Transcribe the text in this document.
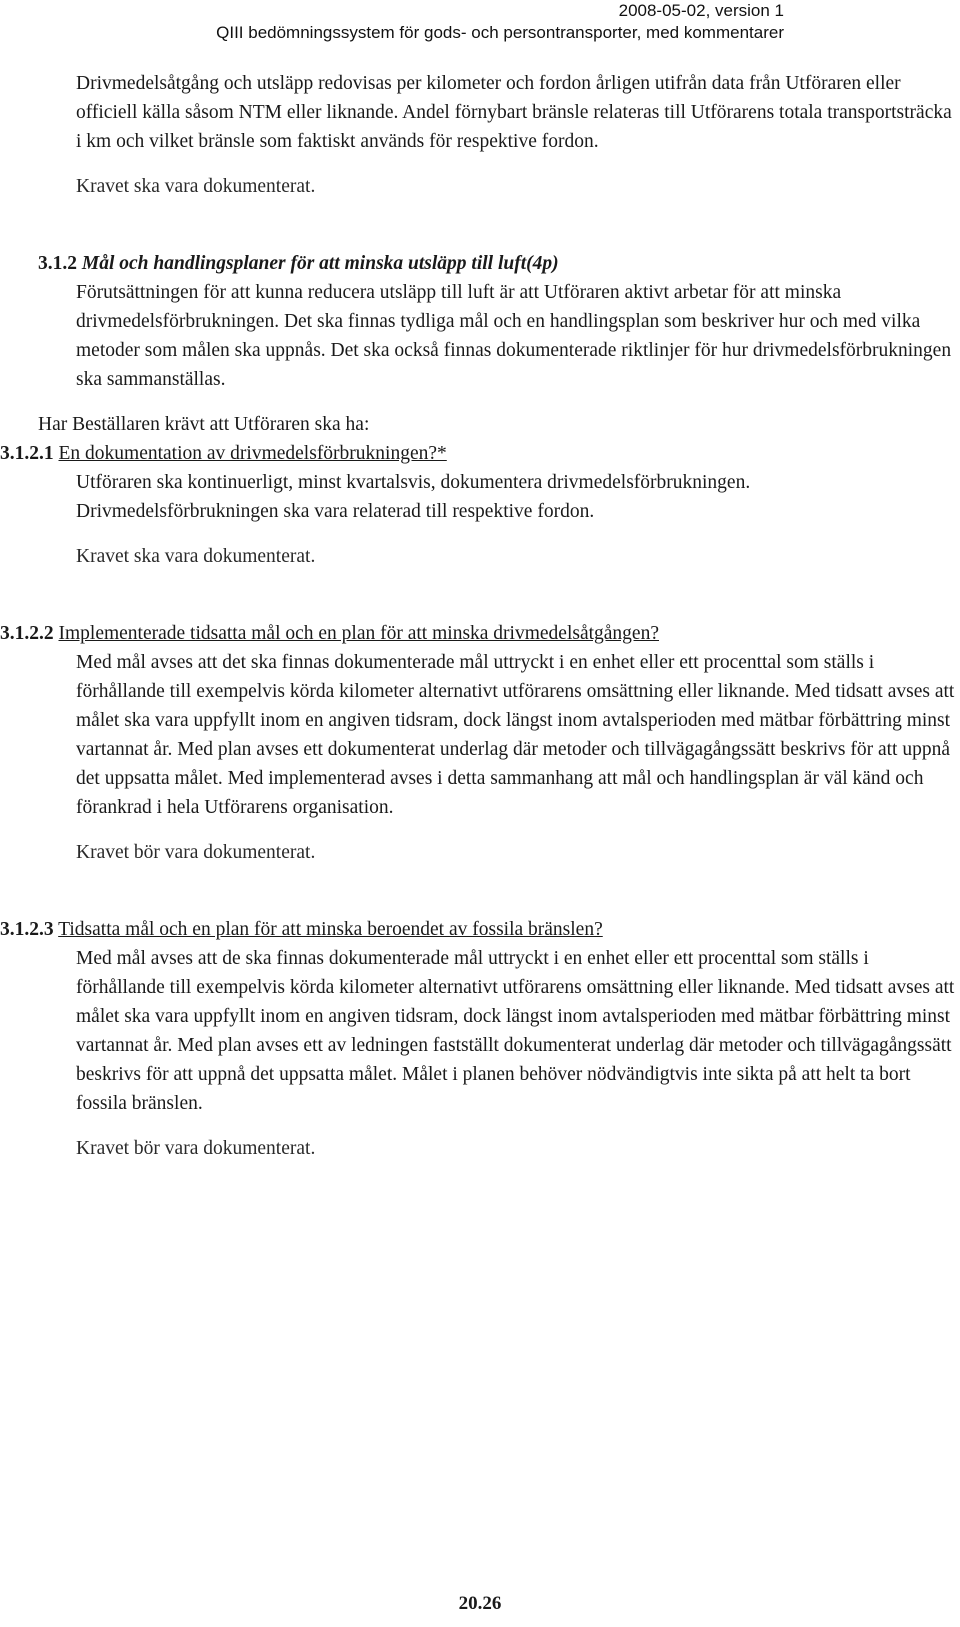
2008-05-02, version 1
QIII bedömningssystem för gods- och persontransporter, med kommentarer

Drivmedelsåtgång och utsläpp redovisas per kilometer och fordon årligen utifrån data från Utföraren eller officiell källa såsom NTM eller liknande. Andel förnybart bränsle relateras till Utförarens totala transportsträcka i km och vilket bränsle som faktiskt används för respektive fordon.

Kravet ska vara dokumenterat.

3.1.2 Mål och handlingsplaner för att minska utsläpp till luft(4p)

Förutsättningen för att kunna reducera utsläpp till luft är att Utföraren aktivt arbetar för att minska drivmedelsförbrukningen. Det ska finnas tydliga mål och en handlingsplan som beskriver hur och med vilka metoder som målen ska uppnås. Det ska också finnas dokumenterade riktlinjer för hur drivmedelsförbrukningen ska sammanställas.

Har Beställaren krävt att Utföraren ska ha:

3.1.2.1 En dokumentation av drivmedelsförbrukningen?*

Utföraren ska kontinuerligt, minst kvartalsvis, dokumentera drivmedelsförbrukningen. Drivmedelsförbrukningen ska vara relaterad till respektive fordon.

Kravet ska vara dokumenterat.

3.1.2.2 Implementerade tidsatta mål och en plan för att minska drivmedelsåtgången?

Med mål avses att det ska finnas dokumenterade mål uttryckt i en enhet eller ett procenttal som ställs i förhållande till exempelvis körda kilometer alternativt utförarens omsättning eller liknande. Med tidsatt avses att målet ska vara uppfyllt inom en angiven tidsram, dock längst inom avtalsperioden med mätbar förbättring minst vartannat år. Med plan avses ett dokumenterat underlag där metoder och tillvägagångssätt beskrivs för att uppnå det uppsatta målet. Med implementerad avses i detta sammanhang att mål och handlingsplan är väl känd och förankrad i hela Utförarens organisation.

Kravet bör vara dokumenterat.

3.1.2.3 Tidsatta mål och en plan för att minska beroendet av fossila bränslen?

Med mål avses att de ska finnas dokumenterade mål uttryckt i en enhet eller ett procenttal som ställs i förhållande till exempelvis körda kilometer alternativt utförarens omsättning eller liknande. Med tidsatt avses att målet ska vara uppfyllt inom en angiven tidsram, dock längst inom avtalsperioden med mätbar förbättring minst vartannat år. Med plan avses ett av ledningen fastställt dokumenterat underlag där metoder och tillvägagångssätt beskrivs för att uppnå det uppsatta målet. Målet i planen behöver nödvändigtvis inte sikta på att helt ta bort fossila bränslen.

Kravet bör vara dokumenterat.

20.26
